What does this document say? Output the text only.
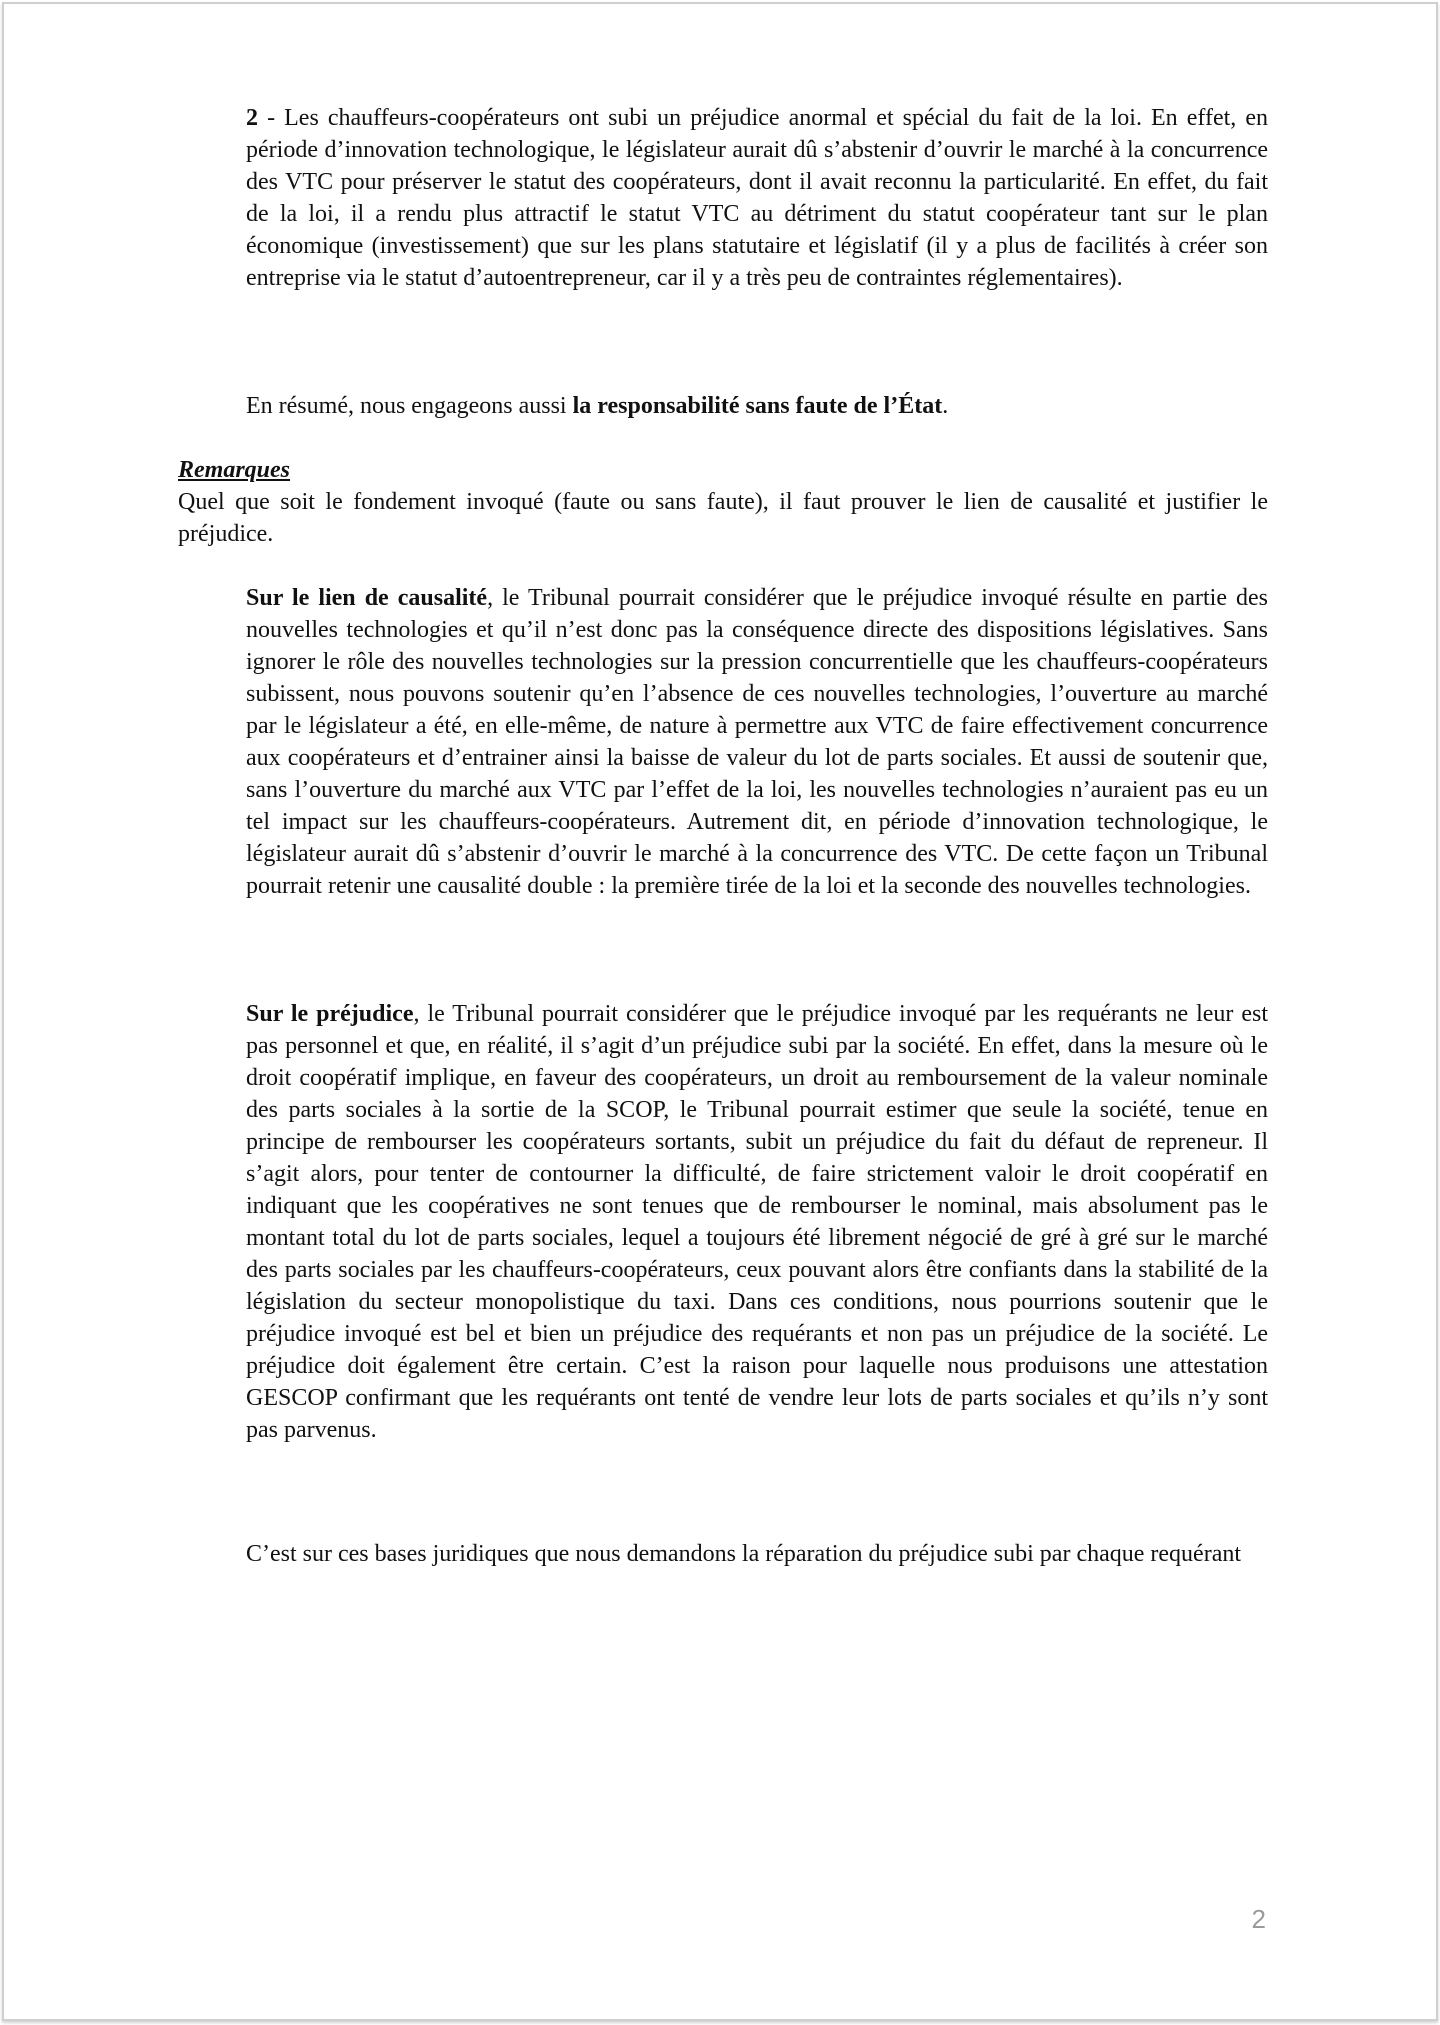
2 - Les chauffeurs-coopérateurs ont subi un préjudice anormal et spécial du fait de la loi. En effet, en période d’innovation technologique, le législateur aurait dû s’abstenir d’ouvrir le marché à la concurrence des VTC pour préserver le statut des coopérateurs, dont il avait reconnu la particularité. En effet, du fait de la loi, il a rendu plus attractif le statut VTC au détriment du statut coopérateur tant sur le plan économique (investissement) que sur les plans statutaire et législatif (il y a plus de facilités à créer son entreprise via le statut d’autoentrepreneur, car il y a très peu de contraintes réglementaires).

En résumé, nous engageons aussi la responsabilité sans faute de l’État.

Remarques

Quel que soit le fondement invoqué (faute ou sans faute), il faut prouver le lien de causalité et justifier le préjudice.

Sur le lien de causalité, le Tribunal pourrait considérer que le préjudice invoqué résulte en partie des nouvelles technologies et qu’il n’est donc pas la conséquence directe des dispositions législatives. Sans ignorer le rôle des nouvelles technologies sur la pression concurrentielle que les chauffeurs-coopérateurs subissent, nous pouvons soutenir qu’en l’absence de ces nouvelles technologies, l’ouverture au marché par le législateur a été, en elle-même, de nature à permettre aux VTC de faire effectivement concurrence aux coopérateurs et d’entrainer ainsi la baisse de valeur du lot de parts sociales. Et aussi de soutenir que, sans l’ouverture du marché aux VTC par l’effet de la loi, les nouvelles technologies n’auraient pas eu un tel impact sur les chauffeurs-coopérateurs. Autrement dit, en période d’innovation technologique, le législateur aurait dû s’abstenir d’ouvrir le marché à la concurrence des VTC. De cette façon un Tribunal pourrait retenir une causalité double : la première tirée de la loi et la seconde des nouvelles technologies.

Sur le préjudice, le Tribunal pourrait considérer que le préjudice invoqué par les requérants ne leur est pas personnel et que, en réalité, il s’agit d’un préjudice subi par la société. En effet, dans la mesure où le droit coopératif implique, en faveur des coopérateurs, un droit au remboursement de la valeur nominale des parts sociales à la sortie de la SCOP, le Tribunal pourrait estimer que seule la société, tenue en principe de rembourser les coopérateurs sortants, subit un préjudice du fait du défaut de repreneur. Il s’agit alors, pour tenter de contourner la difficulté, de faire strictement valoir le droit coopératif en indiquant que les coopératives ne sont tenues que de rembourser le nominal, mais absolument pas le montant total du lot de parts sociales, lequel a toujours été librement négocié de gré à gré sur le marché des parts sociales par les chauffeurs-coopérateurs, ceux pouvant alors être confiants dans la stabilité de la législation du secteur monopolistique du taxi. Dans ces conditions, nous pourrions soutenir que le préjudice invoqué est bel et bien un préjudice des requérants et non pas un préjudice de la société. Le préjudice doit également être certain. C’est la raison pour laquelle nous produisons une attestation GESCOP confirmant que les requérants ont tenté de vendre leur lots de parts sociales et qu’ils n’y sont pas parvenus.

C’est sur ces bases juridiques que nous demandons la réparation du préjudice subi par chaque requérant

2
